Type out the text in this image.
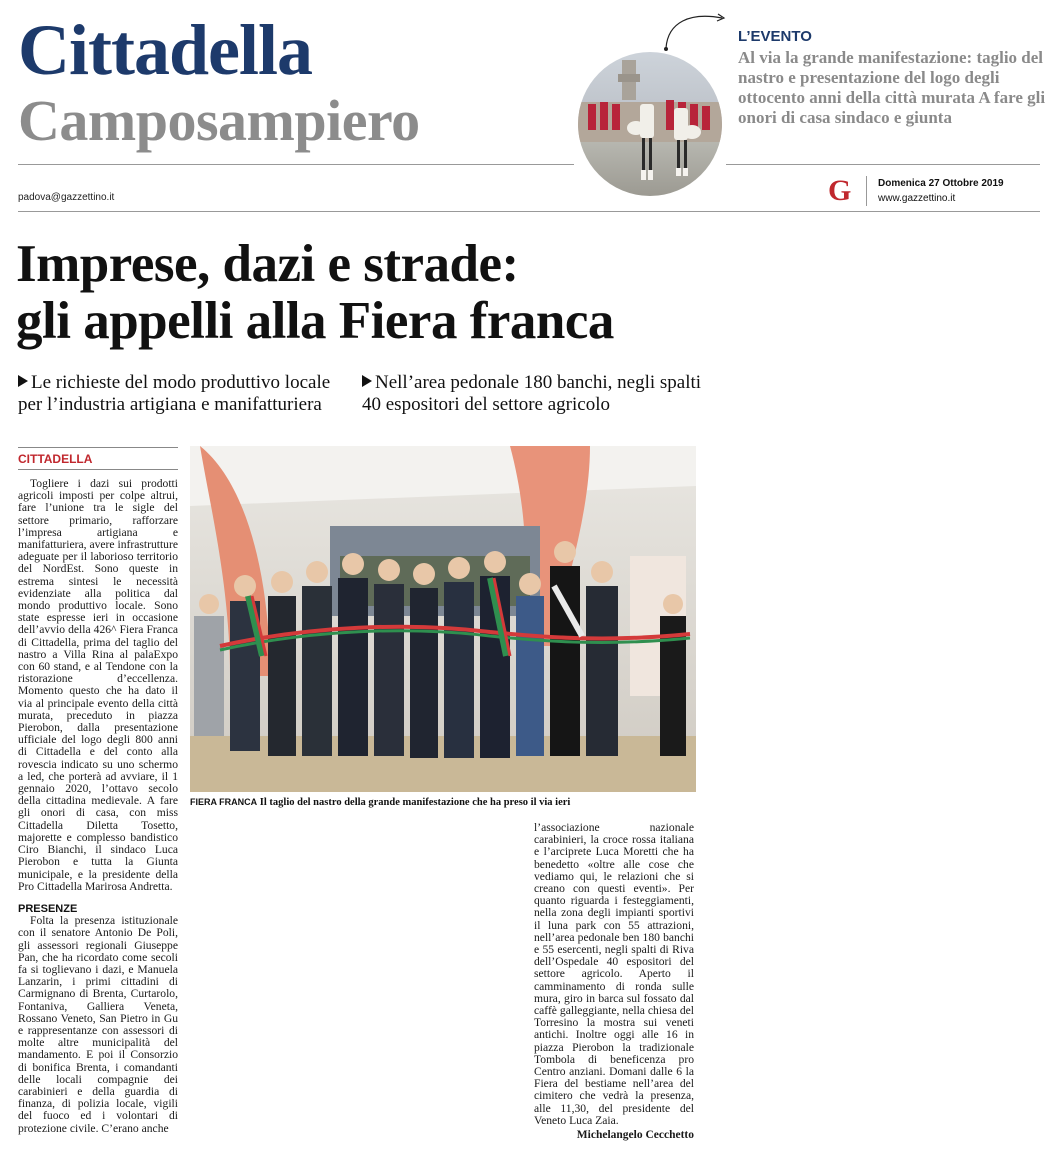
Cittadella
Camposampiero
padova@gazzettino.it
L’EVENTO
Al via la grande manifestazione: taglio del nastro e presentazione del logo degli ottocento anni della città murata A fare gli onori di casa sindaco e giunta
G	Domenica 27 Ottobre 2019
www.gazzettino.it
Imprese, dazi e strade:
gli appelli alla Fiera franca
Le richieste del modo produttivo locale per l’industria artigiana e manifatturiera
Nell’area pedonale 180 banchi, negli spalti 40 espositori del settore agricolo
CITTADELLA
Togliere i dazi sui prodotti agricoli imposti per colpe altrui, fare l’unione tra le sigle del settore primario, rafforzare l’impresa artigiana e manifatturiera, avere infrastrutture adeguate per il laborioso territorio del NordEst. Sono queste in estrema sintesi le necessità evidenziate alla politica dal mondo produttivo locale. Sono state espresse ieri in occasione dell’avvio della 426^ Fiera Franca di Cittadella, prima del taglio del nastro a Villa Rina al palaExpo con 60 stand, e al Tendone con la ristorazione d’eccellenza. Momento questo che ha dato il via al principale evento della città murata, preceduto in piazza Pierobon, dalla presentazione ufficiale del logo degli 800 anni di Cittadella e del conto alla rovescia indicato su uno schermo a led, che porterà ad avviare, il 1 gennaio 2020, l’ottavo secolo della cittadina medievale. A fare gli onori di casa, con miss Cittadella Diletta Tosetto, majorette e complesso bandistico Ciro Bianchi, il sindaco Luca Pierobon e tutta la Giunta municipale, e la presidente della Pro Cittadella Marirosa Andretta.
PRESENZE
Folta la presenza istituzionale con il senatore Antonio De Poli, gli assessori regionali Giuseppe Pan, che ha ricordato come secoli fa si toglievano i dazi, e Manuela Lanzarin, i primi cittadini di Carmignano di Brenta, Curtarolo, Fontaniva, Galliera Veneta, Rossano Veneto, San Pietro in Gu e rappresentanze con assessori di molte altre municipalità del mandamento. E poi il Consorzio di bonifica Brenta, i comandanti delle locali compagnie dei carabinieri e della guardia di finanza, di polizia locale, vigili del fuoco ed i volontari di protezione civile. C’erano anche
FIERA FRANCA Il taglio del nastro della grande manifestazione che ha preso il via ieri
l’associazione nazionale carabinieri, la croce rossa italiana e l’arciprete Luca Moretti che ha benedetto «oltre alle cose che vediamo qui, le relazioni che si creano con questi eventi». Per quanto riguarda i festeggiamenti, nella zona degli impianti sportivi il luna park con 55 attrazioni, nell’area pedonale ben 180 banchi e 55 esercenti, negli spalti di Riva dell’Ospedale 40 espositori del settore agricolo. Aperto il camminamento di ronda sulle mura, giro in barca sul fossato dal caffè galleggiante, nella chiesa del Torresino la mostra sui veneti antichi. Inoltre oggi alle 16 in piazza Pierobon la tradizionale Tombola di beneficenza pro Centro anziani. Domani dalle 6 la Fiera del bestiame nell’area del cimitero che vedrà la presenza, alle 11,30, del presidente del Veneto Luca Zaia.
Michelangelo Cecchetto
